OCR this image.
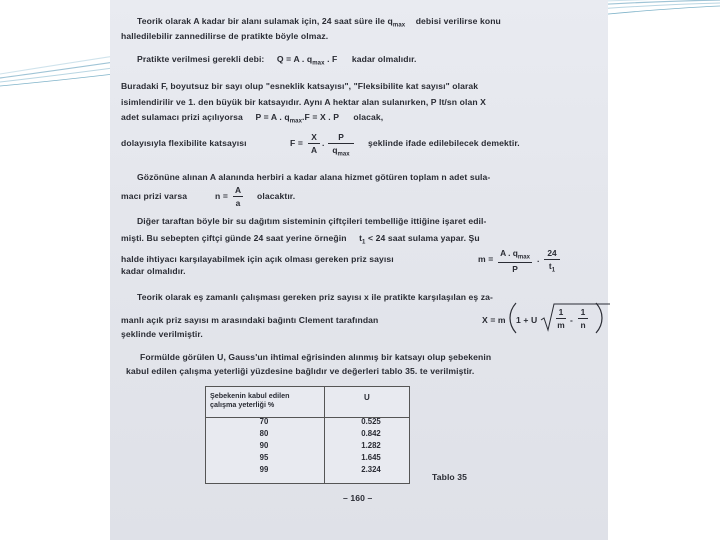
Teorik olarak A kadar bir alanı sulamak için, 24 saat süre ile $q_{max}$ debisi verilirse konu
halledilebilir zannedilirse de pratikte böyle olmaz.
Pratikte verilmesi gerekli debi: Q = A . $q_{max}$ . F kadar olmalıdır.
Buradaki F, boyutsuz bir sayı olup "esneklik katsayısı", "Fleksibilite kat sayısı" olarak
isimlendirilir ve 1. den büyük bir katsayıdır. Aynı A hektar alan sulanırken, P lt/sn olan X
adet sulamacı prizi açılıyorsa P = A . $q_{max}.F = X$ . P olacak,
dolayısıyla flexibilite katsayısı	F =
X
A
.
P
$q_{max}$
şeklinde ifade edilebilecek demektir.
Gözönüne alınan A alanında herbiri a kadar alana hizmet götüren toplam n adet sula-
macı prizi varsa	n =
A
a
olacaktır.
Diğer taraftan böyle bir su dağıtım sisteminin çiftçileri tembelliğe ittiğine işaret edil-
mişti. Bu sebepten çiftçi günde 24 saat yerine örneğin $t_1 < 24$ saat sulama yapar. Şu
halde ihtiyacı karşılayabilmek için açık olması gereken priz sayısı	m =
A . $q_{max}$
P
.
24
$t_1$
kadar olmalıdır.
Teorik olarak eş zamanlı çalışması gereken priz sayısı x ile pratikte karşılaşılan eş za-
manlı açık priz sayısı m arasındaki bağıntı Clement tarafından	X = m 1 + U
1
m -
1
n
şeklinde verilmiştir.
Formülde görülen U, Gauss'un ihtimal eğrisinden alınmış bir katsayı olup şebekenin
kabul edilen çalışma yeterliği yüzdesine bağlıdır ve değerleri tablo 35. te verilmiştir.
Şebekenin kabul edilen
çalışma yeterliği %
U
70	0.525
80	0.842
90	1.282
95	1.645
99	2.324
Tablo 35
– 160 –
